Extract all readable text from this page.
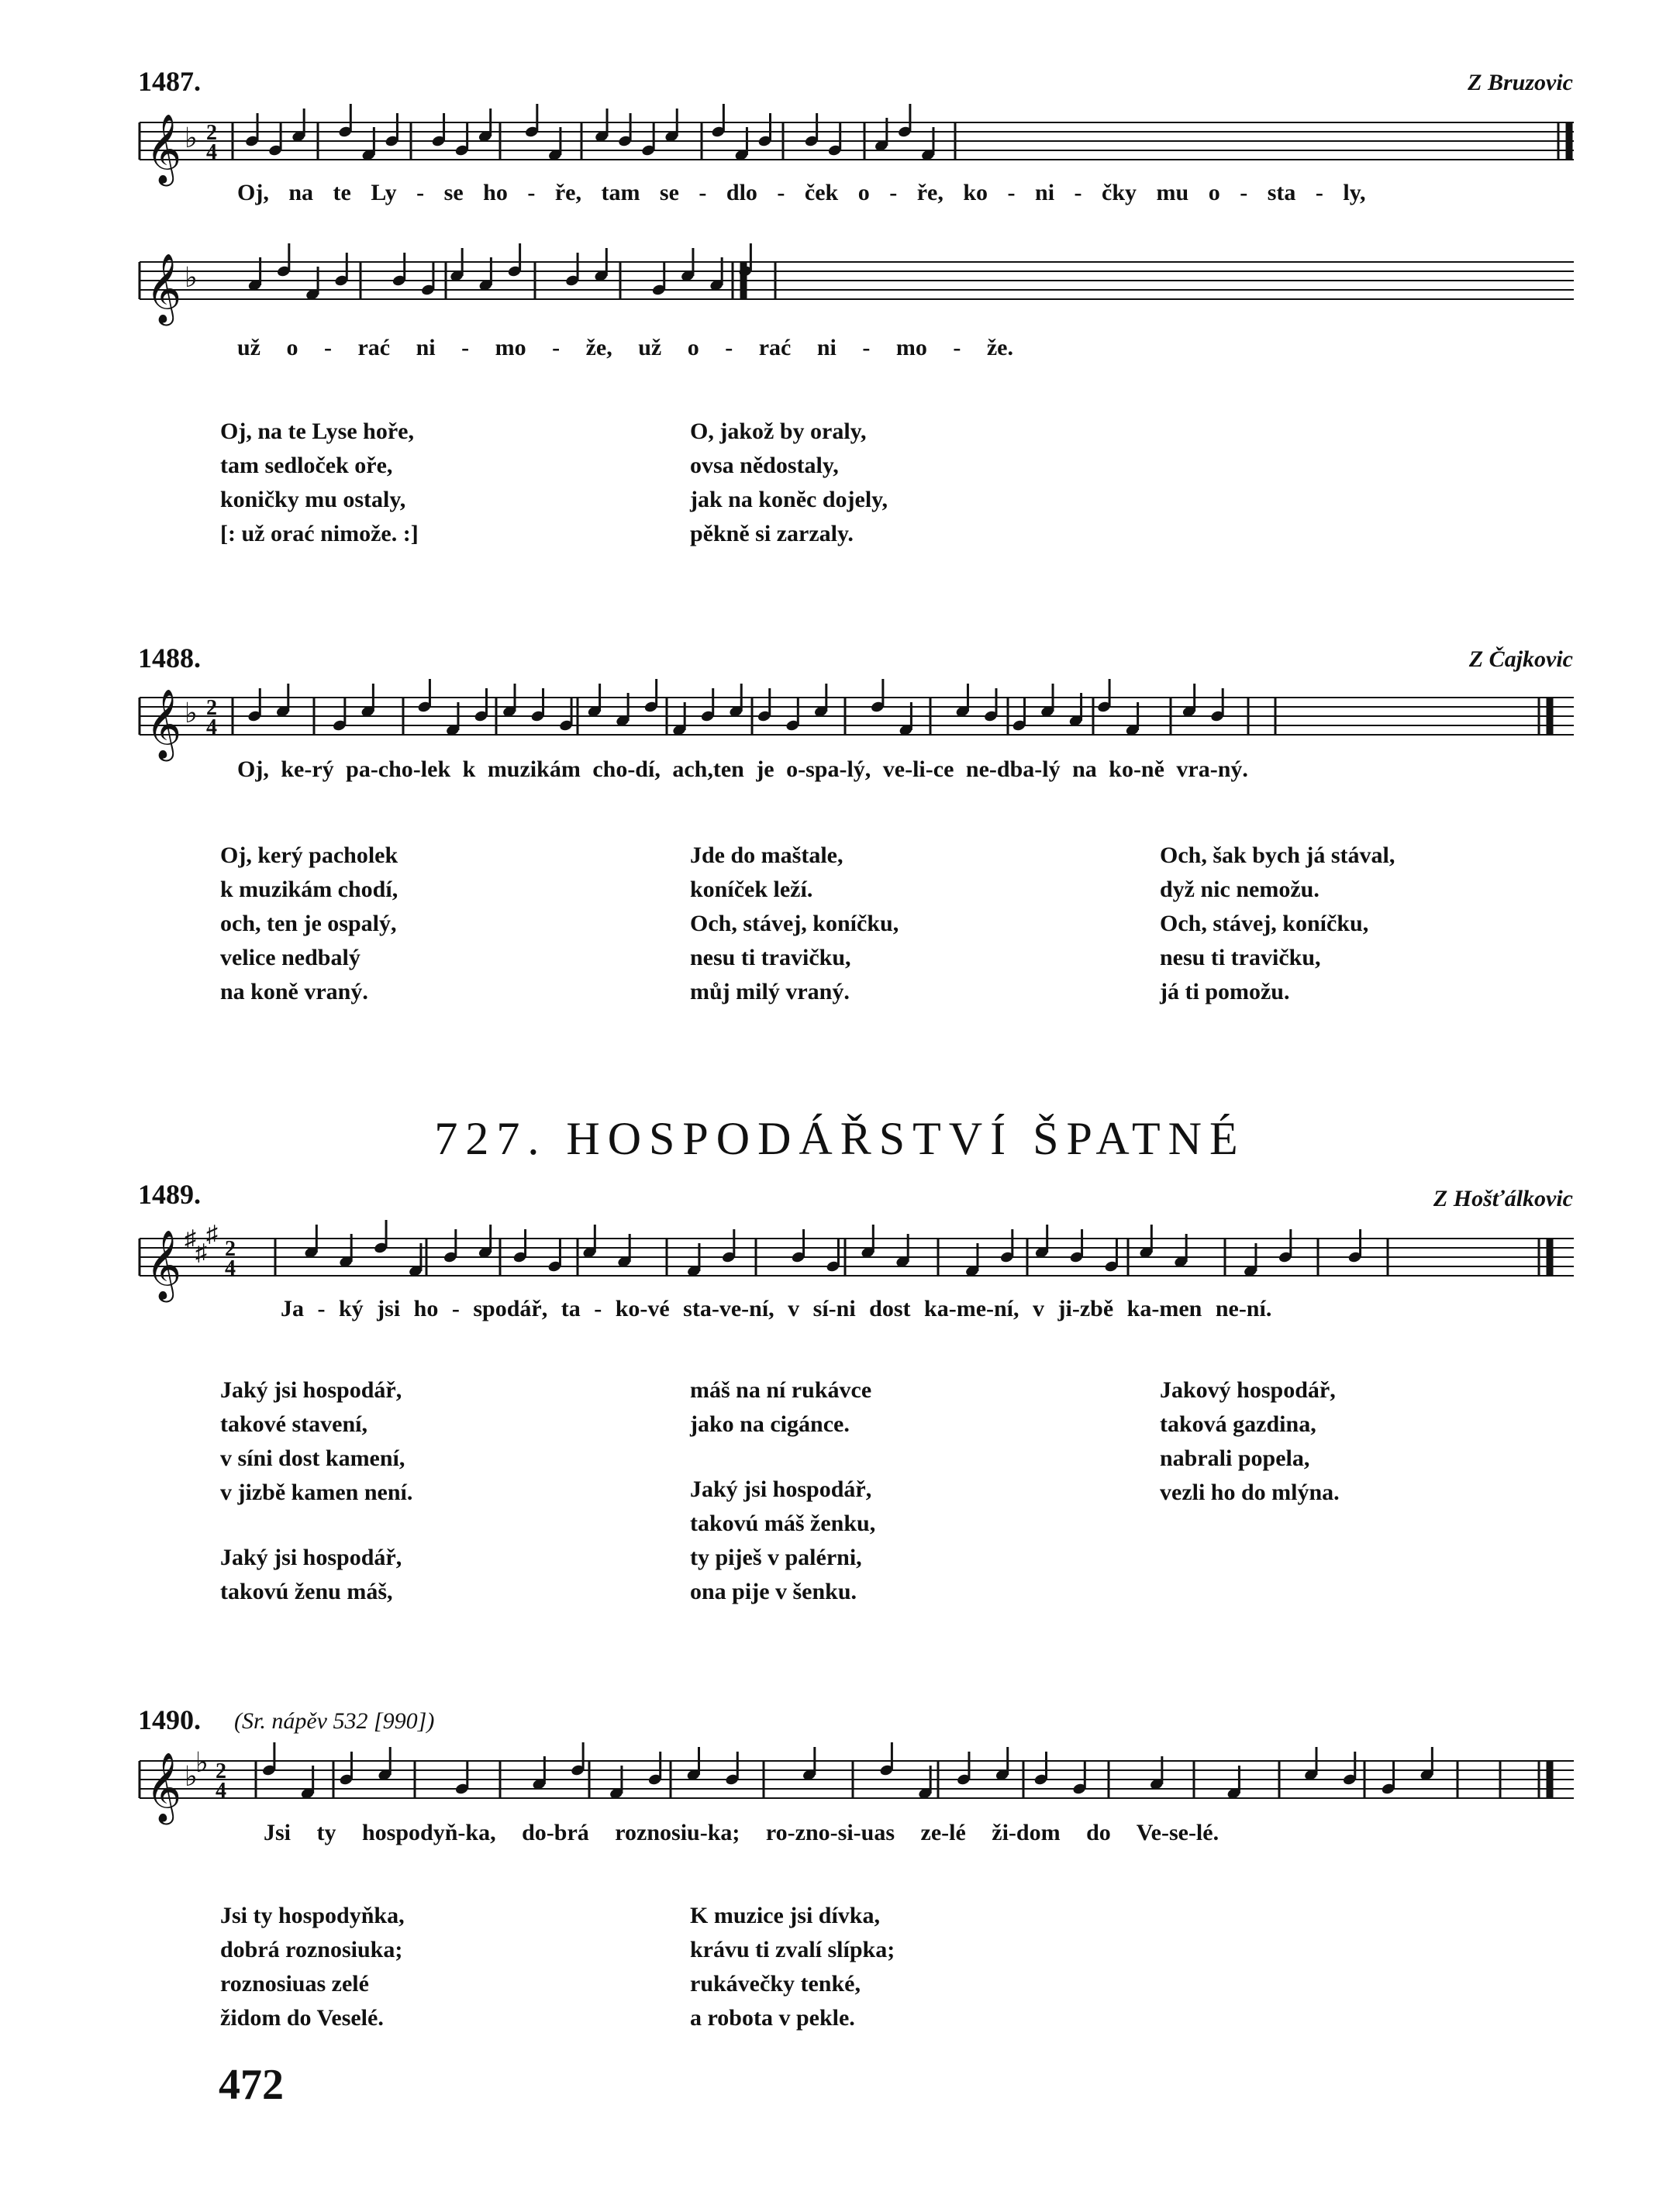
1487.	Z Bruzovic
𝄞 ♭ 2
4
Oj, na te Ly - se ho - ře, tam se - dlo - ček o - ře, ko - ni - čky mu o - sta - ly,
𝄞 ♭
už o - rać ni - mo - že, už o - rać ni - mo - že.
Oj, na te Lyse hoře,
tam sedloček oře,
koničky mu ostaly,
[: už orać nimože. :]
O, jakož by oraly,
ovsa nědostaly,
jak na konĕc dojely,
pěkně si zarzaly.
1488.	Z Čajkovic
𝄞 ♭ 2
4
Oj, ke-rý pa-cho-lek k muzikám cho-dí, ach,ten je o-spa-lý, ve-li-ce ne-dba-lý na ko-ně vra-ný.
Oj, kerý pacholek
k muzikám chodí,
och, ten je ospalý,
velice nedbalý
na koně vraný.
Jde do maštale,
koníček leží.
Och, stávej, koníčku,
nesu ti travičku,
můj milý vraný.
Och, šak bych já stával,
dyž nic nemožu.
Och, stávej, koníčku,
nesu ti travičku,
já ti pomožu.
727. HOSPODÁŘSTVÍ ŠPATNÉ
1489.	Z Hošťálkovic
𝄞 ♯
♯
♯
2
4
Ja - ký jsi ho - spodář, ta - ko-vé sta-ve-ní, v sí-ni dost ka-me-ní, v ji-zbě ka-men ne-ní.
Jaký jsi hospodář,
takové stavení,
v síni dost kamení,
v jizbě kamen není.
Jaký jsi hospodář,
takovú ženu máš,
máš na ní rukávce
jako na cigánce.
Jaký jsi hospodář,
takovú máš ženku,
ty piješ v palérni,
ona pije v šenku.
Jakový hospodář,
taková gazdina,
nabrali popela,
vezli ho do mlýna.
1490. (Sr. nápěv 532 [990])
𝄞 ♭
♭ 2
4
Jsi ty hospodyň-ka, do-brá roznosiu-ka; ro-zno-si-uas ze-lé ži-dom do Ve-se-lé.
Jsi ty hospodyňka,
dobrá roznosiuka;
roznosiuas zelé
židom do Veselé.
K muzice jsi dívka,
krávu ti zvalí slípka;
rukávečky tenké,
a robota v pekle.
472
